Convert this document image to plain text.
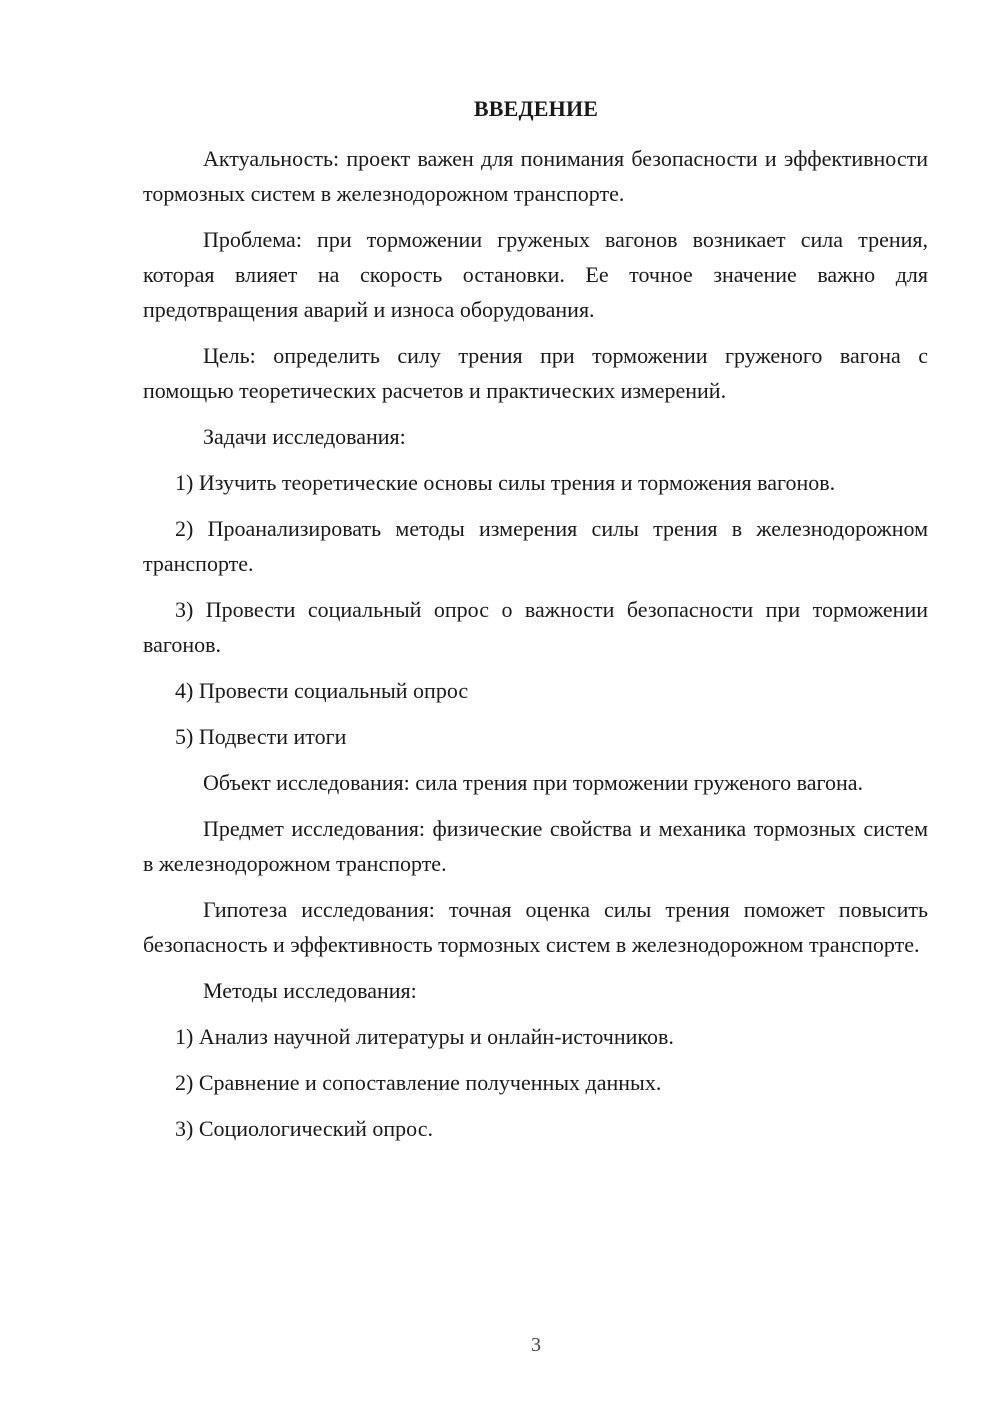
ВВЕДЕНИЕ

Актуальность: проект важен для понимания безопасности и эффективности тормозных систем в железнодорожном транспорте.

Проблема: при торможении груженых вагонов возникает сила трения, которая влияет на скорость остановки. Ее точное значение важно для предотвращения аварий и износа оборудования.

Цель: определить силу трения при торможении груженого вагона с помощью теоретических расчетов и практических измерений.

Задачи исследования:

1) Изучить теоретические основы силы трения и торможения вагонов.

2) Проанализировать методы измерения силы трения в железнодорожном транспорте.

3) Провести социальный опрос о важности безопасности при торможении вагонов.

4) Провести социальный опрос

5) Подвести итоги

Объект исследования: сила трения при торможении груженого вагона.

Предмет исследования: физические свойства и механика тормозных систем в железнодорожном транспорте.

Гипотеза исследования: точная оценка силы трения поможет повысить безопасность и эффективность тормозных систем в железнодорожном транспорте.

Методы исследования:

1) Анализ научной литературы и онлайн-источников.

2) Сравнение и сопоставление полученных данных.

3) Социологический опрос.

3
